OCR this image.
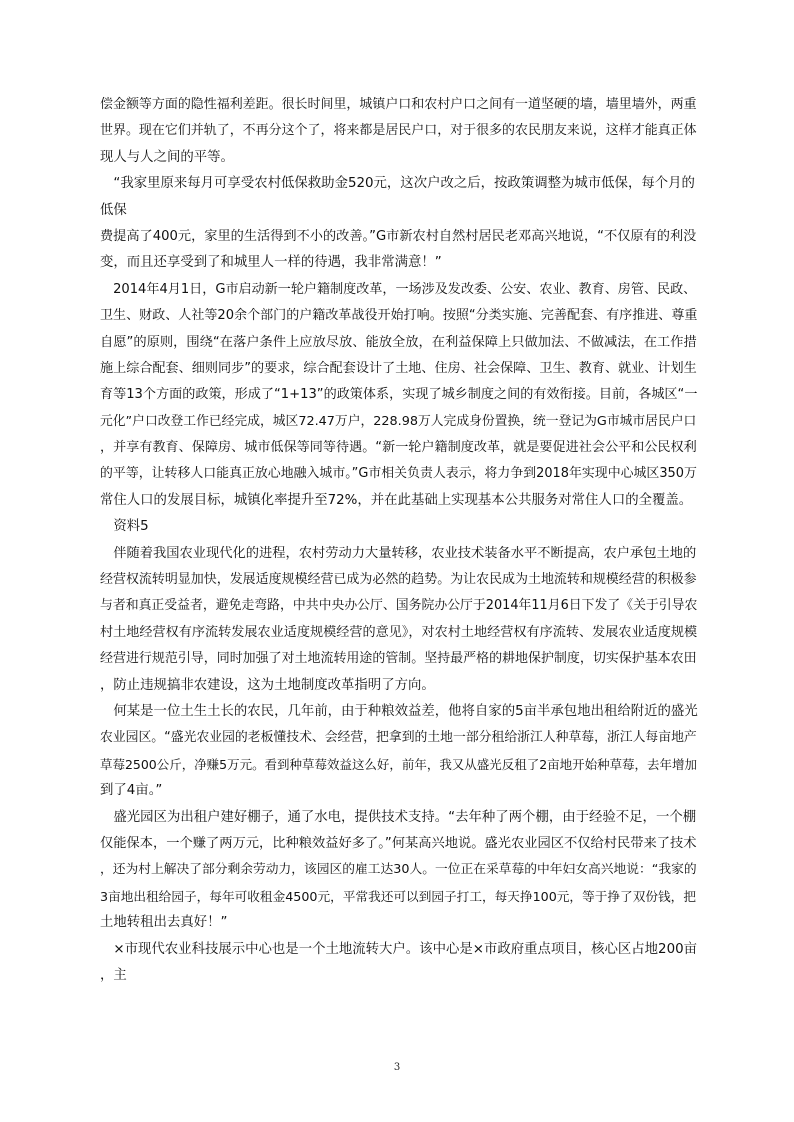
偿金额等方面的隐性福利差距。很长时间里，城镇户口和农村户口之间有一道坚硬的墙，墙里墙外，两重
世界。现在它们并轨了，不再分这个了，将来都是居民户口，对于很多的农民朋友来说，这样才能真正体
现人与人之间的平等。
　“我家里原来每月可享受农村低保救助金520元，这次户改之后，按政策调整为城市低保，每个月的
低保
费提高了400元，家里的生活得到不小的改善。”G市新农村自然村居民老邓高兴地说，“不仅原有的利没
变，而且还享受到了和城里人一样的待遇，我非常满意！”
　2014年4月1日，G市启动新一轮户籍制度改革，一场涉及发改委、公安、农业、教育、房管、民政、
卫生、财政、人社等20余个部门的户籍改革战役开始打响。按照“分类实施、完善配套、有序推进、尊重
自愿”的原则，围绕“在落户条件上应放尽放、能放全放，在利益保障上只做加法、不做减法，在工作措
施上综合配套、细则同步”的要求，综合配套设计了土地、住房、社会保障、卫生、教育、就业、计划生
育等13个方面的政策，形成了“1+13”的政策体系，实现了城乡制度之间的有效衔接。目前，各城区“一
元化”户口改登工作已经完成，城区72.47万户，228.98万人完成身份置换，统一登记为G市城市居民户口
，并享有教育、保障房、城市低保等同等待遇。“新一轮户籍制度改革，就是要促进社会公平和公民权利
的平等，让转移人口能真正放心地融入城市。”G市相关负责人表示，将力争到2018年实现中心城区350万
常住人口的发展目标，城镇化率提升至72%，并在此基础上实现基本公共服务对常住人口的全覆盖。
　资料5
　伴随着我国农业现代化的进程，农村劳动力大量转移，农业技术装备水平不断提高，农户承包土地的
经营权流转明显加快，发展适度规模经营已成为必然的趋势。为让农民成为土地流转和规模经营的积极参
与者和真正受益者，避免走弯路，中共中央办公厅、国务院办公厅于2014年11月6日下发了《关于引导农
村土地经营权有序流转发展农业适度规模经营的意见》，对农村土地经营权有序流转、发展农业适度规模
经营进行规范引导，同时加强了对土地流转用途的管制。坚持最严格的耕地保护制度，切实保护基本农田
，防止违规搞非农建设，这为土地制度改革指明了方向。
　何某是一位土生土长的农民，几年前，由于种粮效益差，他将自家的5亩半承包地出租给附近的盛光
农业园区。“盛光农业园的老板懂技术、会经营，把拿到的土地一部分租给浙江人种草莓，浙江人每亩地产
草莓2500公斤，净赚5万元。看到种草莓效益这么好，前年，我又从盛光反租了2亩地开始种草莓，去年增加
到了4亩。”
　盛光园区为出租户建好棚子，通了水电，提供技术支持。“去年种了两个棚，由于经验不足，一个棚
仅能保本，一个赚了两万元，比种粮效益好多了。”何某高兴地说。盛光农业园区不仅给村民带来了技术
，还为村上解决了部分剩余劳动力，该园区的雇工达30人。一位正在采草莓的中年妇女高兴地说：“我家的
3亩地出租给园子，每年可收租金4500元，平常我还可以到园子打工，每天挣100元，等于挣了双份钱，把
土地转租出去真好！”
　×市现代农业科技展示中心也是一个土地流转大户。该中心是×市政府重点项目，核心区占地200亩
，主
3
